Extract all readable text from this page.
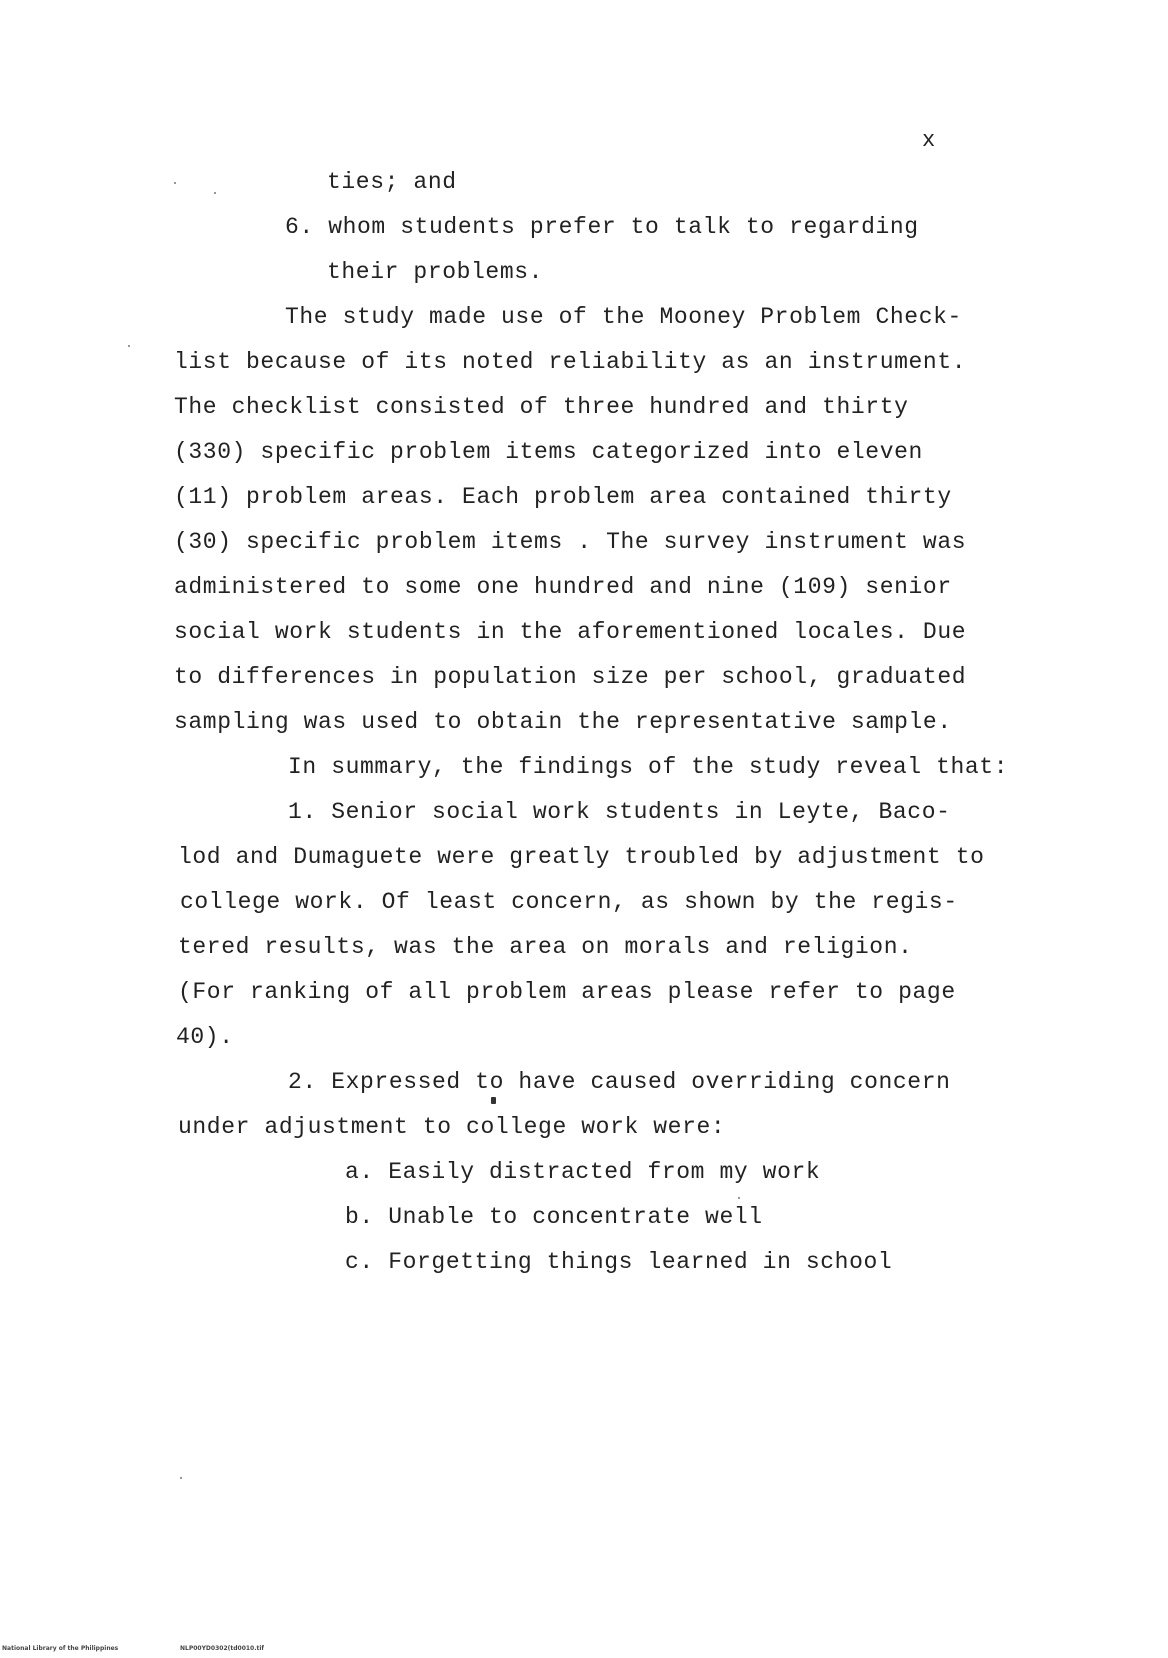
x
ties; and
6. whom students prefer to talk to regarding
their problems.
The study made use of the Mooney Problem Check-
list because of its noted reliability as an instrument.
The checklist consisted of three hundred and thirty
(330) specific problem items categorized into eleven
(11) problem areas. Each problem area contained thirty
(30) specific problem items . The survey instrument was
administered to some one hundred and nine (109) senior
social work students in the aforementioned locales. Due
to differences in population size per school, graduated
sampling was used to obtain the representative sample.
In summary, the findings of the study reveal that:
1. Senior social work students in Leyte, Baco-
lod and Dumaguete were greatly troubled by adjustment to
college work. Of least concern, as shown by the regis-
tered results, was the area on morals and religion.
(For ranking of all problem areas please refer to page
40).
2. Expressed to have caused overriding concern
under adjustment to college work were:
a. Easily distracted from my work
b. Unable to concentrate well
c. Forgetting things learned in school
National Library of the Philippines	NLP00YD0302(td0010.tif
